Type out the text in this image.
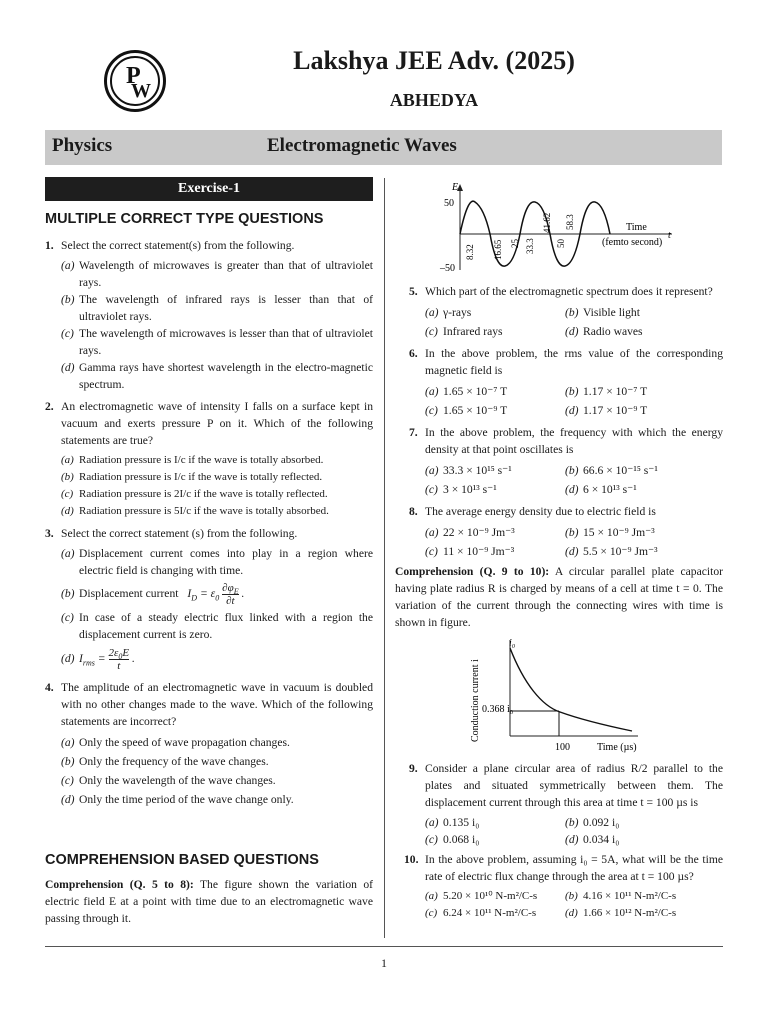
P
W
Lakshya JEE Adv. (2025)
ABHEDYA
Physics	Electromagnetic Waves
Exercise-1
MULTIPLE CORRECT TYPE QUESTIONS
1. Select the correct statement(s) from the following.
(a) Wavelength of microwaves is greater than that of ultraviolet rays.
(b) The wavelength of infrared rays is lesser than that of ultraviolet rays.
(c) The wavelength of microwaves is lesser than that of ultraviolet rays.
(d) Gamma rays have shortest wavelength in the electro-magnetic spectrum.
2. An electromagnetic wave of intensity I falls on a surface kept in vacuum and exerts pressure P on it. Which of the following statements are true?
(a) Radiation pressure is I/c if the wave is totally absorbed.
(b) Radiation pressure is I/c if the wave is totally reflected.
(c) Radiation pressure is 2I/c if the wave is totally reflected.
(d) Radiation pressure is 5I/c if the wave is totally absorbed.
3. Select the correct statement (s) from the following.
(a) Displacement current comes into play in a region where electric field is changing with time.
(b) Displacement current $I_D = \varepsilon_0 \frac{\partial\varphi_E}{\partial t}$ .
(c) In case of a steady electric flux linked with a region the displacement current is zero.
(d) $I_{rms} = \frac{2\varepsilon_0E}{t}$ .
4. The amplitude of an electromagnetic wave in vacuum is doubled with no other changes made to the wave. Which of the following statements are incorrect?
(a) Only the speed of wave propagation changes.
(b) Only the frequency of the wave changes.
(c) Only the wavelength of the wave changes.
(d) Only the time period of the wave change only.
COMPREHENSION BASED QUESTIONS
Comprehension (Q. 5 to 8): The figure shown the variation of electric field E at a point with time due to an electromagnetic wave passing through it.
E
50
–50
t
Time
(femto second)
8.32 16.65 25 33.3
41.62
50
58.3
5. Which part of the electromagnetic spectrum does it represent?
(a) γ-rays	(b) Visible light
(c) Infrared rays	(d) Radio waves
6. In the above problem, the rms value of the corresponding magnetic field is
(a) 1.65 × 10⁻⁷ T	(b) 1.17 × 10⁻⁷ T
(c) 1.65 × 10⁻⁹ T	(d) 1.17 × 10⁻⁹ T
7. In the above problem, the frequency with which the energy density at that point oscillates is
(a) 33.3 × 10¹⁵ s⁻¹	(b) 66.6 × 10⁻¹⁵ s⁻¹
(c) 3 × 10¹³ s⁻¹	(d) 6 × 10¹³ s⁻¹
8. The average energy density due to electric field is
(a) 22 × 10⁻⁹ Jm⁻³	(b) 15 × 10⁻⁹ Jm⁻³
(c) 11 × 10⁻⁹ Jm⁻³	(d) 5.5 × 10⁻⁹ Jm⁻³
Comprehension (Q. 9 to 10): A circular parallel plate capacitor having plate radius R is charged by means of a cell at time t = 0. The variation of the current through the connecting wires with time is shown in figure.
Conduction current i
i₀
0.368 i₀
100	Time (µs)
9. Consider a plane circular area of radius R/2 parallel to the plates and situated symmetrically between them. The displacement current through this area at time t = 100 µs is
(a) 0.135 i₀	(b) 0.092 i₀
(c) 0.068 i₀	(d) 0.034 i₀
10. In the above problem, assuming i₀ = 5A, what will be the time rate of electric flux change through the area at t = 100 µs?
(a) 5.20 × 10¹⁰ N-m²/C-s	(b) 4.16 × 10¹¹ N-m²/C-s
(c) 6.24 × 10¹¹ N-m²/C-s	(d) 1.66 × 10¹² N-m²/C-s
1
